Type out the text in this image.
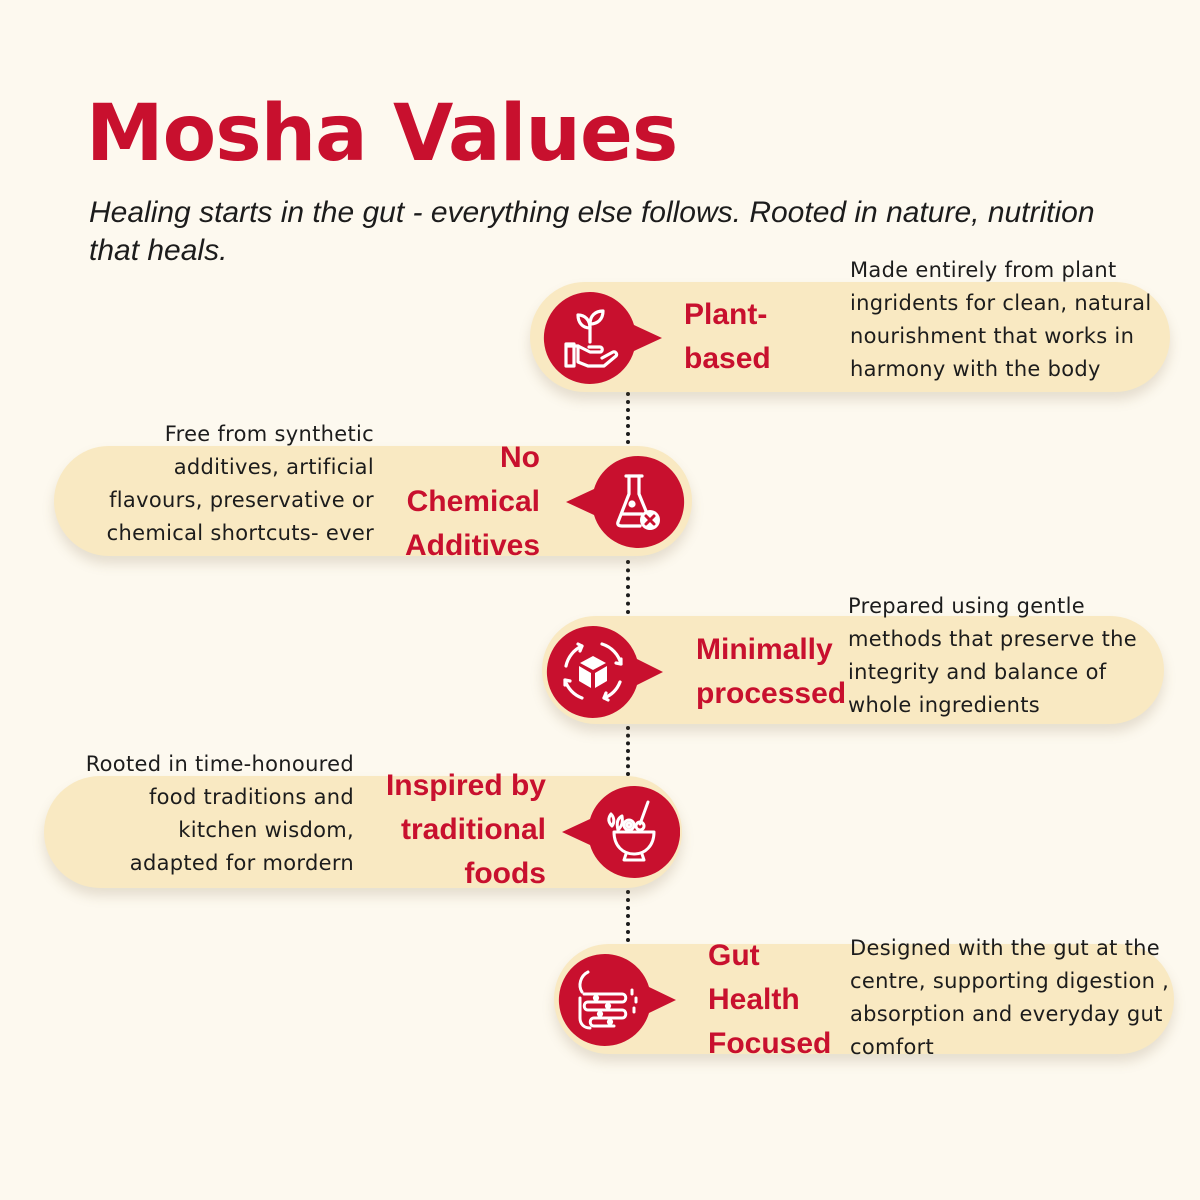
Mosha Values

Healing starts in the gut - everything else follows. Rooted in nature, nutrition that heals.

Plant-
based

Made entirely from plant ingridents for clean, natural nourishment that works in harmony with the body

No
Chemical
Additives

Free from synthetic additives, artificial flavours, preservative or chemical shortcuts- ever

Minimally
processed

Prepared using gentle methods that preserve the integrity and balance of whole ingredients

Inspired by
traditional
foods

Rooted in time-honoured food traditions and kitchen wisdom, adapted for mordern

Gut
Health
Focused

Designed with the gut at the centre, supporting digestion , absorption and everyday gut comfort
